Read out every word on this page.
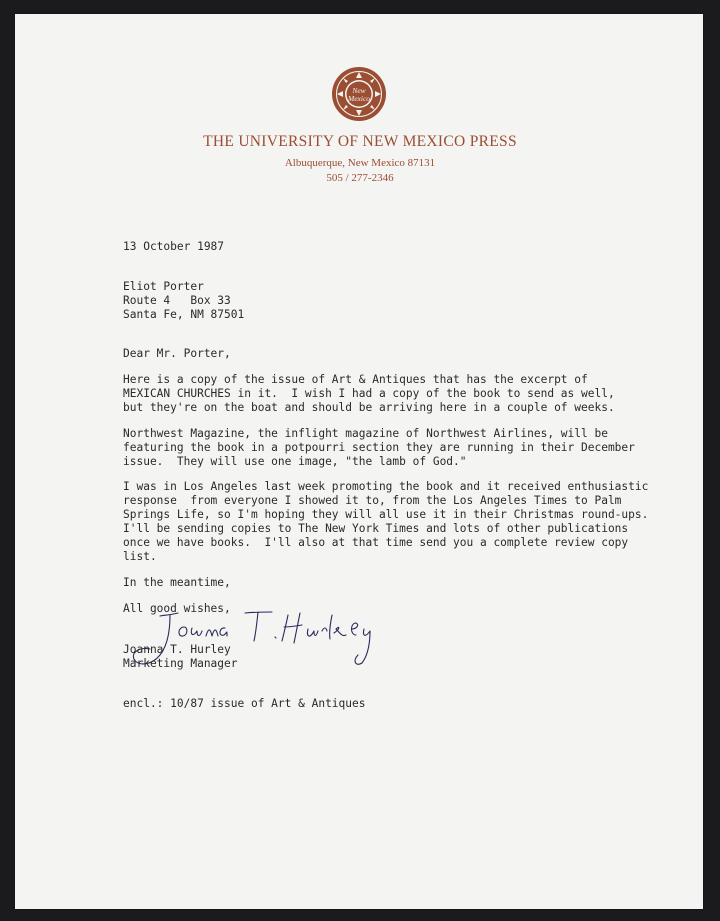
New
Mexico
THE UNIVERSITY OF NEW MEXICO PRESS
Albuquerque, New Mexico 87131
505 / 277-2346
13 October 1987
Eliot Porter
Route 4   Box 33
Santa Fe, NM 87501
Dear Mr. Porter,
Here is a copy of the issue of Art & Antiques that has the excerpt of
MEXICAN CHURCHES in it.  I wish I had a copy of the book to send as well,
but they're on the boat and should be arriving here in a couple of weeks.
Northwest Magazine, the inflight magazine of Northwest Airlines, will be
featuring the book in a potpourri section they are running in their December
issue.  They will use one image, "the lamb of God."
I was in Los Angeles last week promoting the book and it received enthusiastic
response  from everyone I showed it to, from the Los Angeles Times to Palm
Springs Life, so I'm hoping they will all use it in their Christmas round-ups.
I'll be sending copies to The New York Times and lots of other publications
once we have books.  I'll also at that time send you a complete review copy
list.
In the meantime,
All good wishes,
Joanna T. Hurley
Marketing Manager
encl.: 10/87 issue of Art & Antiques
